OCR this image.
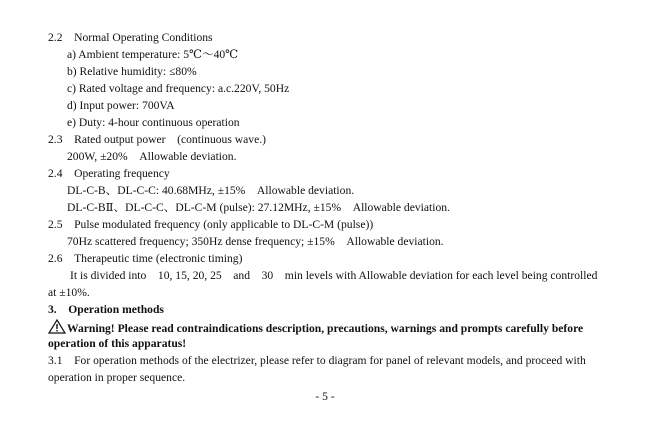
2.2　Normal Operating Conditions
a) Ambient temperature: 5℃～40℃
b) Relative humidity: ≤80%
c) Rated voltage and frequency: a.c.220V, 50Hz
d) Input power: 700VA
e) Duty: 4-hour continuous operation
2.3　Rated output power　(continuous wave.)
200W, ±20%　Allowable deviation.
2.4　Operating frequency
DL-C-B、DL-C-C: 40.68MHz, ±15%　Allowable deviation.
DL-C-BⅡ、DL-C-C、DL-C-M (pulse): 27.12MHz, ±15%　Allowable deviation.
2.5　Pulse modulated frequency (only applicable to DL-C-M (pulse))
70Hz scattered frequency; 350Hz dense frequency; ±15%　Allowable deviation.
2.6　Therapeutic time (electronic timing)
It is divided into　10, 15, 20, 25　and　30　min levels with Allowable deviation for each level being controlled
at ±10%.
3.　Operation methods
Warning! Please read contraindications description, precautions, warnings and prompts carefully before
operation of this apparatus!
3.1　For operation methods of the electrizer, please refer to diagram for panel of relevant models, and proceed with
operation in proper sequence.
- 5 -
